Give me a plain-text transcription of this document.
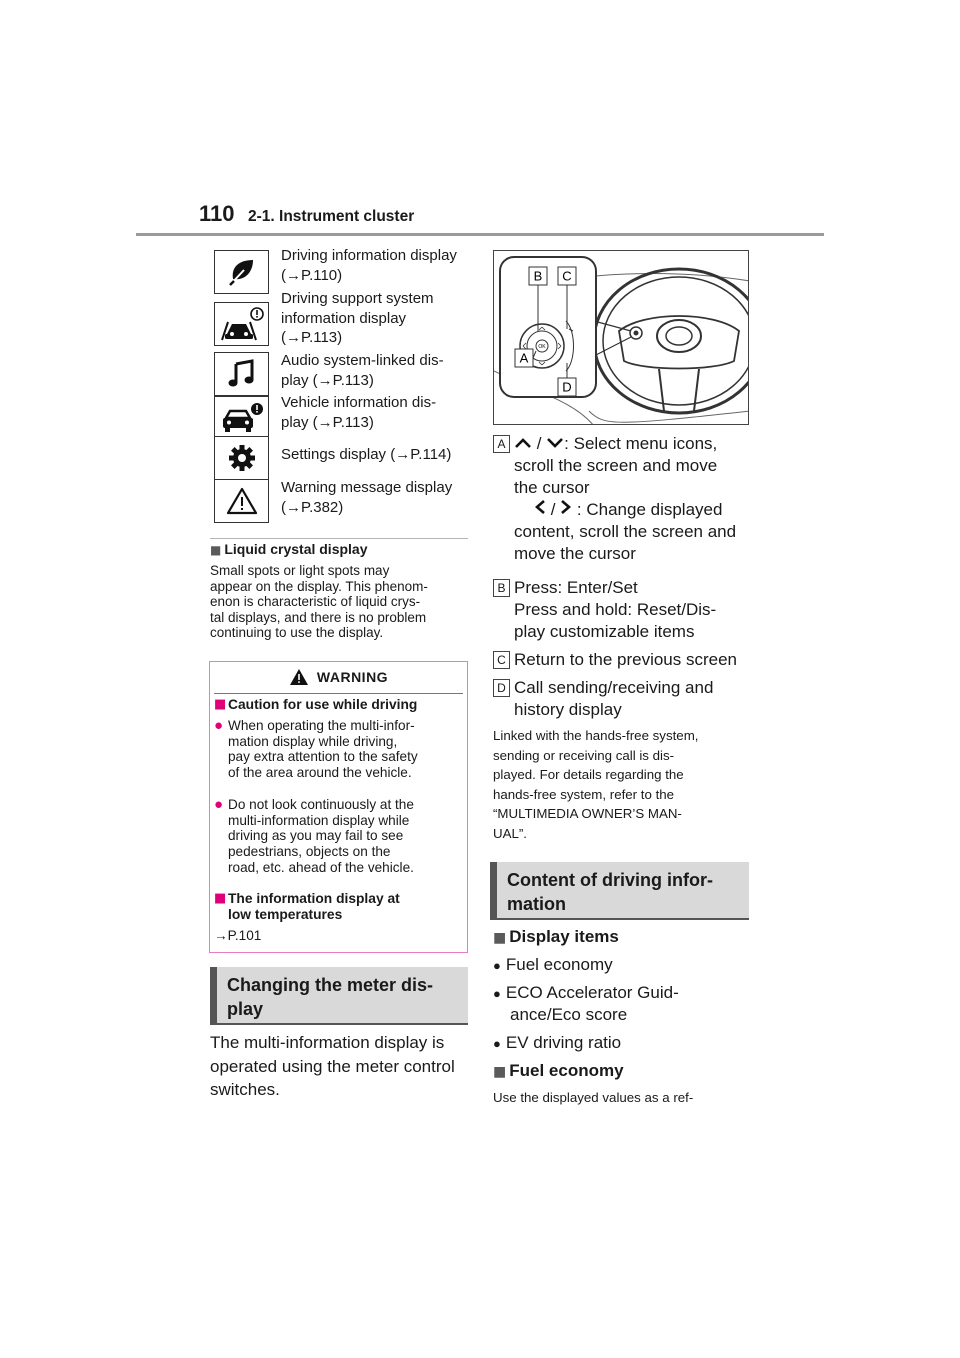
110 2-1. Instrument cluster
Driving information display
(→P.110)
Driving support system
information display
(→P.113)
Audio system-linked dis-
play (→P.113)
Vehicle information dis-
play (→P.113)
Settings display (→P.114)
Warning message display
(→P.382)
■ Liquid crystal display
Small spots or light spots may
appear on the display. This phenom-
enon is characteristic of liquid crys-
tal displays, and there is no problem
continuing to use the display.
WARNING
■ Caution for use while driving
● When operating the multi-infor-
mation display while driving,
pay extra attention to the safety
of the area around the vehicle.
● Do not look continuously at the
multi-information display while
driving as you may fail to see
pedestrians, objects on the
road, etc. ahead of the vehicle.
■ The information display at
low temperatures
→P.101
Changing the meter dis-
play
The multi-information display is
operated using the meter control
switches.
OK
B C
A
D
A	/ : Select menu icons,
scroll the screen and move
the cursor
/  : Change displayed
content, scroll the screen and
move the cursor
B Press: Enter/Set
Press and hold: Reset/Dis-
play customizable items
C Return to the previous screen
D Call sending/receiving and
history display
Linked with the hands-free system,
sending or receiving call is dis-
played. For details regarding the
hands-free system, refer to the
“MULTIMEDIA OWNER’S MAN-
UAL”.
Content of driving infor-
mation
■ Display items
● Fuel economy
● ECO Accelerator Guid-
ance/Eco score
● EV driving ratio
■ Fuel economy
Use the displayed values as a ref-
